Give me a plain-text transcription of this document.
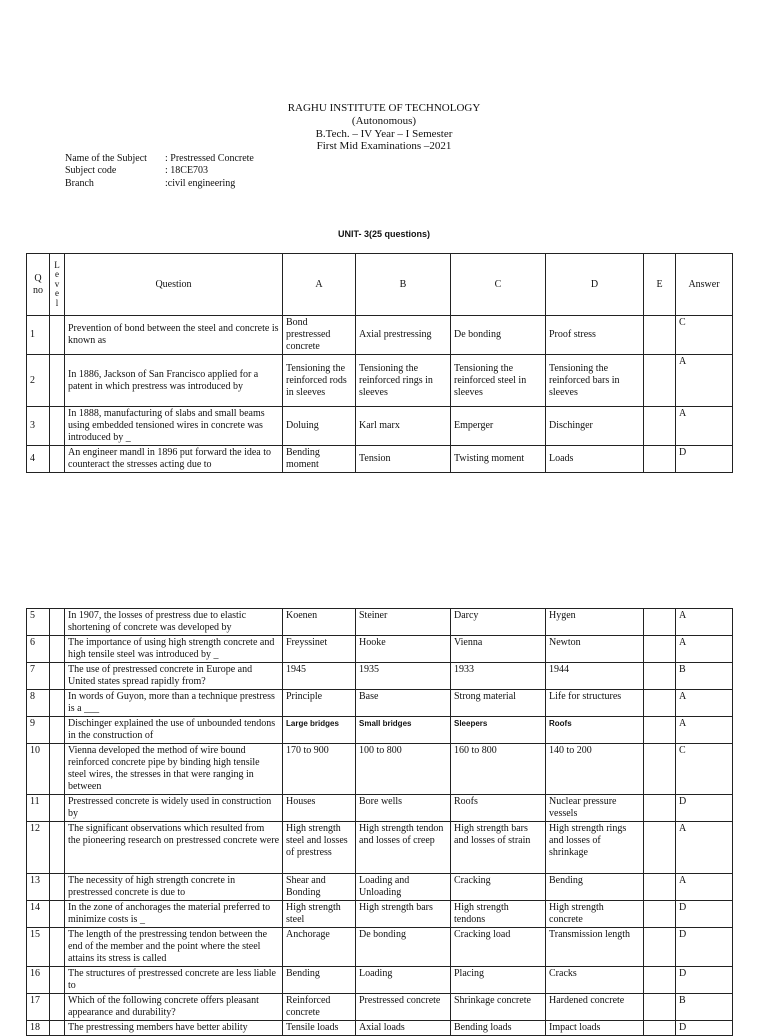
RAGHU INSTITUTE OF TECHNOLOGY
(Autonomous)
B.Tech. – IV Year – I Semester
First Mid Examinations –2021
Name of the Subject : Prestressed Concrete
Subject code	: 18CE703
Branch	:civil engineering
UNIT- 3(25 questions)
Q no	L e v e l	Question	A	B	C	D	E	Answer
1		Prevention of bond between the steel and concrete is known as	Bond prestressed concrete	Axial prestressing	De bonding	Proof stress		C
2		In 1886, Jackson of San Francisco applied for a patent in which prestress was introduced by	Tensioning the reinforced rods in sleeves	Tensioning the reinforced rings in sleeves	Tensioning the reinforced steel in sleeves	Tensioning the reinforced bars in sleeves		A
3		In 1888, manufacturing of slabs and small beams using embedded tensioned wires in concrete was introduced by _	Doluing	Karl marx	Emperger	Dischinger		A
4		An engineer mandl in 1896 put forward the idea to counteract the stresses acting due to	Bending moment	Tension	Twisting moment	Loads		D
5		In 1907, the losses of prestress due to elastic shortening of concrete was developed by	Koenen	Steiner	Darcy	Hygen		A
6		The importance of using high strength concrete and high tensile steel was introduced by _	Freyssinet	Hooke	Vienna	Newton		A
7		The use of prestressed concrete in Europe and United states spread rapidly from?	1945	1935	1933	1944		B
8		In words of Guyon, more than a technique prestress is a ___	Principle	Base	Strong material	Life for structures		A
9		Dischinger explained the use of unbounded tendons in the construction of	Large bridges	Small bridges	Sleepers	Roofs		A
10		Vienna developed the method of wire bound reinforced concrete pipe by binding high tensile steel wires, the stresses in that were ranging in between	170 to 900	100 to 800	160 to 800	140 to 200		C
11		Prestressed concrete is widely used in construction by	Houses	Bore wells	Roofs	Nuclear pressure vessels		D
12		The significant observations which resulted from the pioneering research on prestressed concrete were	High strength steel and losses of prestress	High strength tendon and losses of creep	High strength bars and losses of strain	High strength rings and losses of shrinkage		A
13		The necessity of high strength concrete in prestressed concrete is due to	Shear and Bonding	Loading and Unloading	Cracking	Bending		A
14		In the zone of anchorages the material preferred to minimize costs is _	High strength steel	High strength bars	High strength tendons	High strength concrete		D
15		The length of the prestressing tendon between the end of the member and the point where the steel attains its stress is called	Anchorage	De bonding	Cracking load	Transmission length		D
16		The structures of prestressed concrete are less liable to	Bending	Loading	Placing	Cracks		D
17		Which of the following concrete offers pleasant appearance and durability?	Reinforced concrete	Prestressed concrete	Shrinkage concrete	Hardened concrete		B
18		The prestressing members have better ability	Tensile loads	Axial loads	Bending loads	Impact loads		D
